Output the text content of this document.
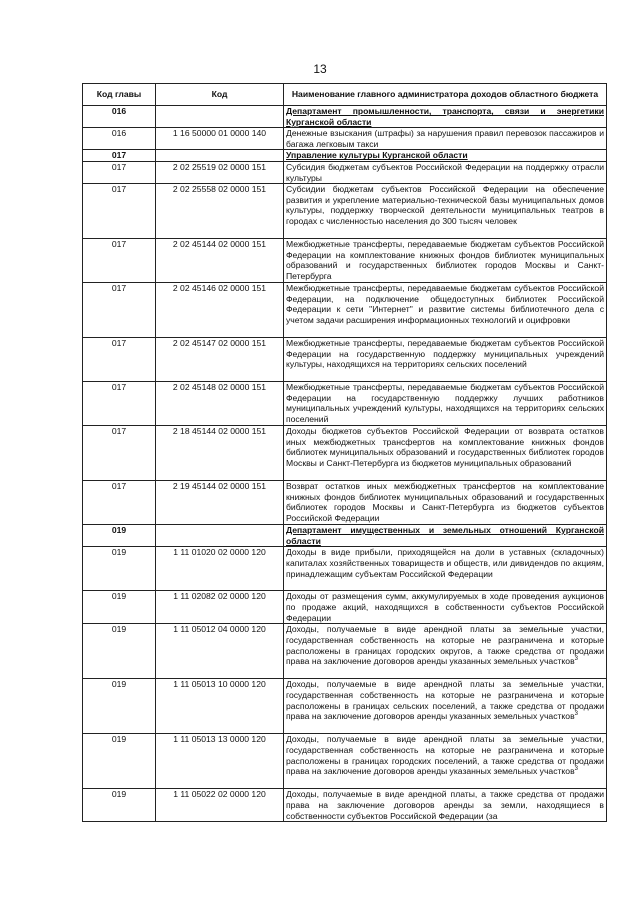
13
Код главы	Код	Наименование главного администратора доходов областного бюджета
016		Департамент промышленности, транспорта, связи и энергетики Курганской области
016	1 16 50000 01 0000 140	Денежные взыскания (штрафы) за нарушения правил перевозок пассажиров и багажа легковым такси
017		Управление культуры Курганской области
017	2 02 25519 02 0000 151	Субсидия бюджетам субъектов Российской Федерации на поддержку отрасли культуры
017	2 02 25558 02 0000 151	Субсидии бюджетам субъектов Российской Федерации на обеспечение развития и укрепление материально-технической базы муниципальных домов культуры, поддержку творческой деятельности муниципальных театров в городах с численностью населения до 300 тысяч человек
017	2 02 45144 02 0000 151	Межбюджетные трансферты, передаваемые бюджетам субъектов Российской Федерации на комплектование книжных фондов библиотек муниципальных образований и государственных библиотек городов Москвы и Санкт-Петербурга
017	2 02 45146 02 0000 151	Межбюджетные трансферты, передаваемые бюджетам субъектов Российской Федерации, на подключение общедоступных библиотек Российской Федерации к сети "Интернет" и развитие системы библиотечного дела с учетом задачи расширения информационных технологий и оцифровки
017	2 02 45147 02 0000 151	Межбюджетные трансферты, передаваемые бюджетам субъектов Российской Федерации на государственную поддержку муниципальных учреждений культуры, находящихся на территориях сельских поселений
017	2 02 45148 02 0000 151	Межбюджетные трансферты, передаваемые бюджетам субъектов Российской Федерации на государственную поддержку лучших работников муниципальных учреждений культуры, находящихся на территориях сельских поселений
017	2 18 45144 02 0000 151	Доходы бюджетов субъектов Российской Федерации от возврата остатков иных межбюджетных трансфертов на комплектование книжных фондов библиотек муниципальных образований и государственных библиотек городов Москвы и Санкт-Петербурга из бюджетов муниципальных образований
017	2 19 45144 02 0000 151	Возврат остатков иных межбюджетных трансфертов на комплектование книжных фондов библиотек муниципальных образований и государственных библиотек городов Москвы и Санкт-Петербурга из бюджетов субъектов Российской Федерации
019		Департамент имущественных и земельных отношений Курганской области
019	1 11 01020 02 0000 120	Доходы в виде прибыли, приходящейся на доли в уставных (складочных) капиталах хозяйственных товариществ и обществ, или дивидендов по акциям, принадлежащим субъектам Российской Федерации
019	1 11 02082 02 0000 120	Доходы от размещения сумм, аккумулируемых в ходе проведения аукционов по продаже акций, находящихся в собственности субъектов Российской Федерации
019	1 11 05012 04 0000 120	Доходы, получаемые в виде арендной платы за земельные участки, государственная собственность на которые не разграничена и которые расположены в границах городских округов, а также средства от продажи права на заключение договоров аренды указанных земельных участков$^3$
019	1 11 05013 10 0000 120	Доходы, получаемые в виде арендной платы за земельные участки, государственная собственность на которые не разграничена и которые расположены в границах сельских поселений, а также средства от продажи права на заключение договоров аренды указанных земельных участков$^3$
019	1 11 05013 13 0000 120	Доходы, получаемые в виде арендной платы за земельные участки, государственная собственность на которые не разграничена и которые расположены в границах городских поселений, а также средства от продажи права на заключение договоров аренды указанных земельных участков$^3$
019	1 11 05022 02 0000 120	Доходы, получаемые в виде арендной платы, а также средства от продажи права на заключение договоров аренды за земли, находящиеся в собственности субъектов Российской Федерации (за
